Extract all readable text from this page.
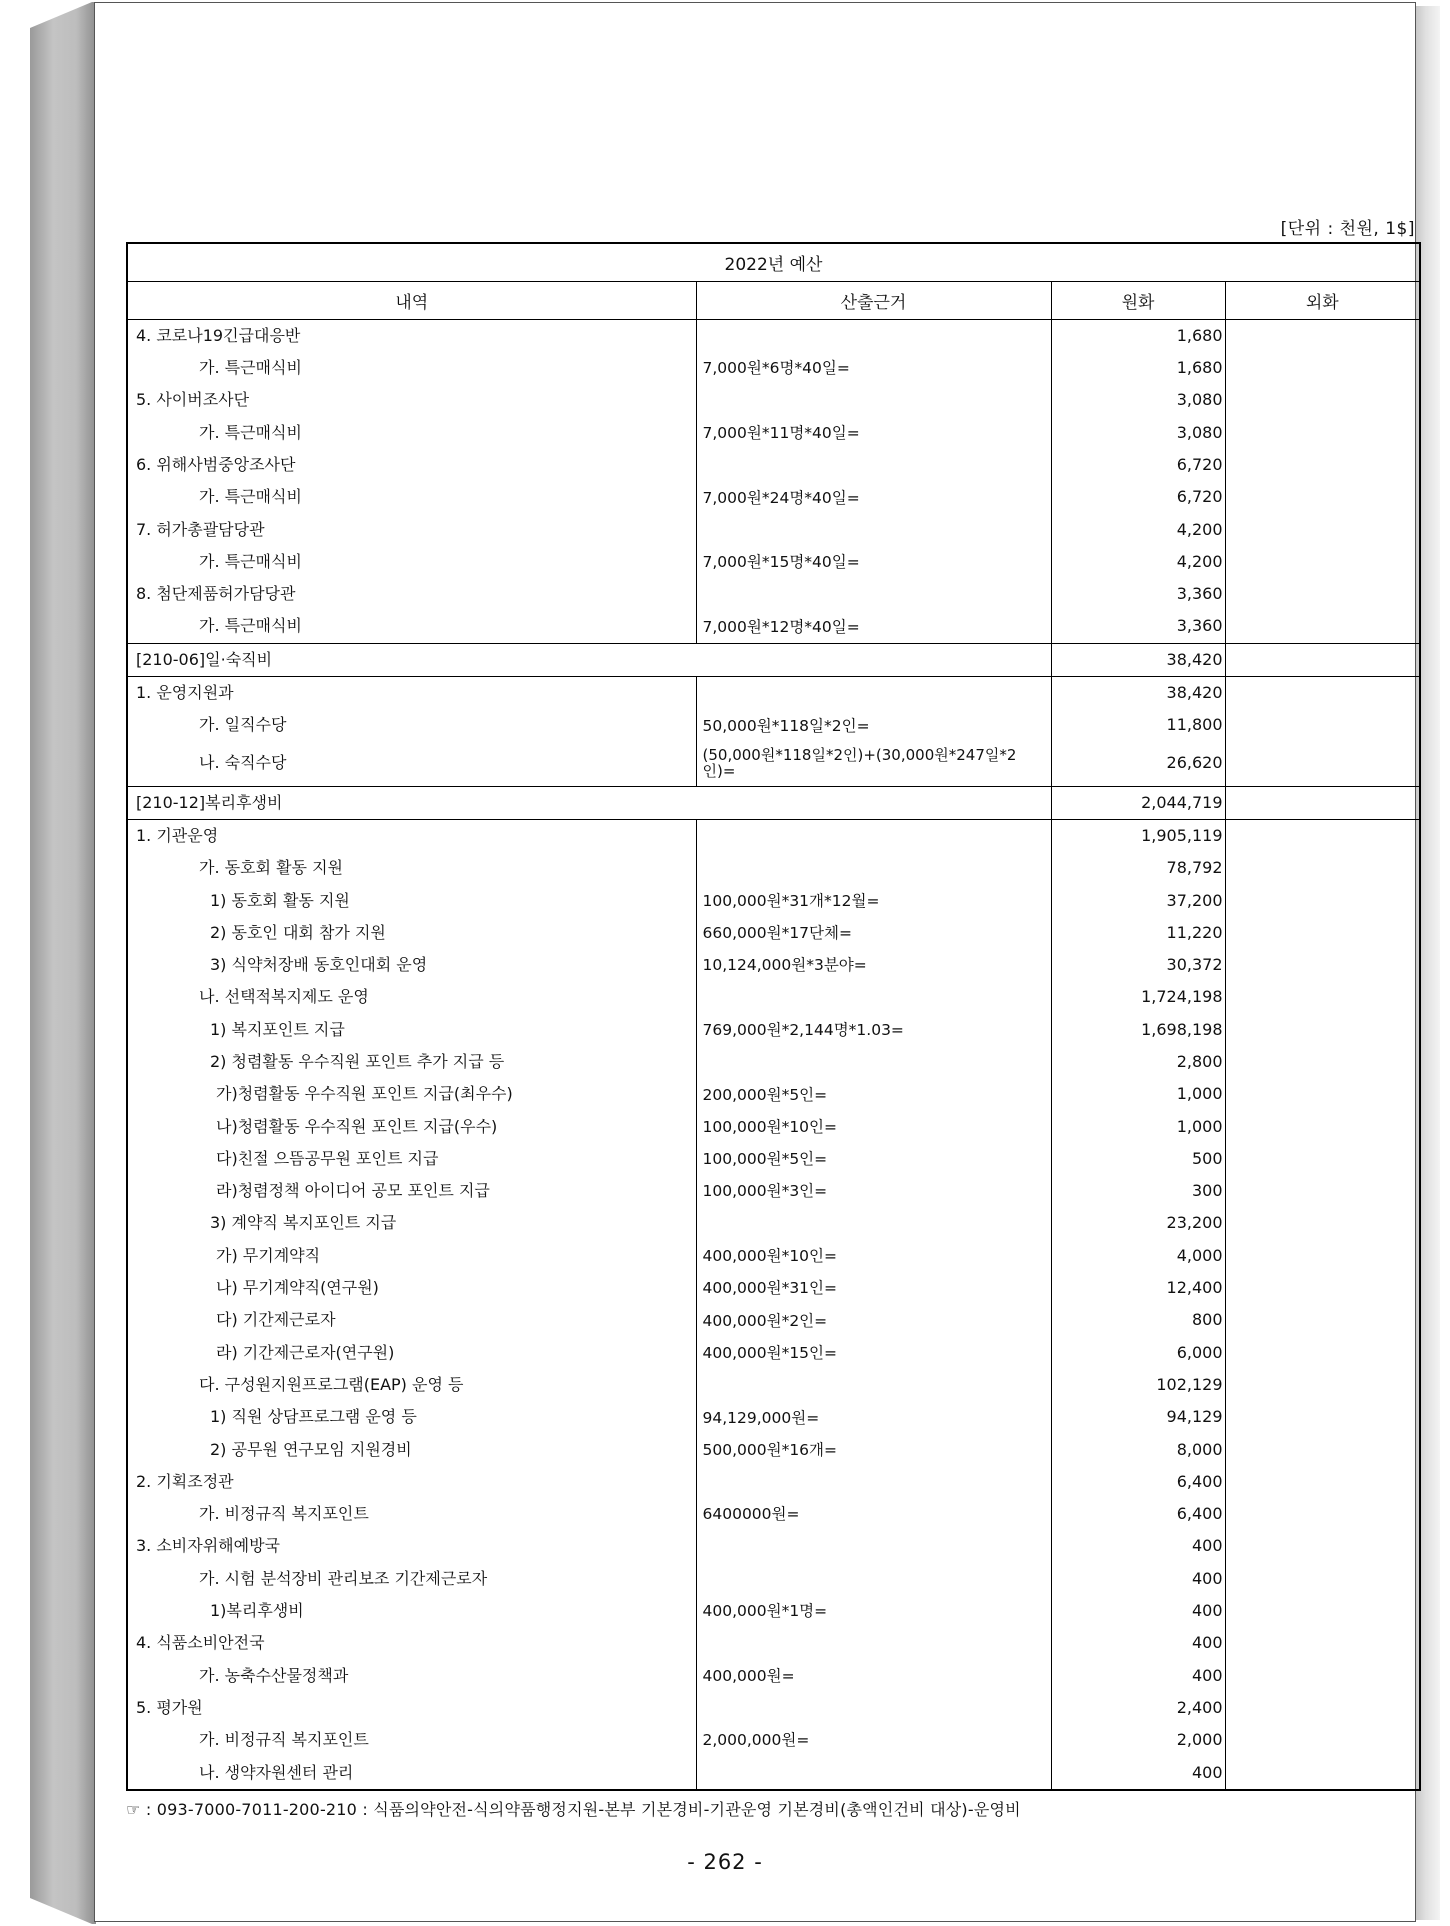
[단위 : 천원, 1$]
2022년 예산			
내역	산출근거	원화	외화
4. 코로나19긴급대응반		1,680	
가. 특근매식비	7,000원*6명*40일=	1,680	
5. 사이버조사단		3,080	
가. 특근매식비	7,000원*11명*40일=	3,080	
6. 위해사범중앙조사단		6,720	
가. 특근매식비	7,000원*24명*40일=	6,720	
7. 허가총괄담당관		4,200	
가. 특근매식비	7,000원*15명*40일=	4,200	
8. 첨단제품허가담당관		3,360	
가. 특근매식비	7,000원*12명*40일=	3,360	
[210-06]일·숙직비		38,420	
1. 운영지원과		38,420	
가. 일직수당	50,000원*118일*2인=	11,800	
나. 숙직수당	(50,000원*118일*2인)+(30,000원*247일*2인)=	26,620	
[210-12]복리후생비		2,044,719	
1. 기관운영		1,905,119	
가. 동호회 활동 지원		78,792	
1) 동호회 활동 지원	100,000원*31개*12월=	37,200	
2) 동호인 대회 참가 지원	660,000원*17단체=	11,220	
3) 식약처장배 동호인대회 운영	10,124,000원*3분야=	30,372	
나. 선택적복지제도 운영		1,724,198	
1) 복지포인트 지급	769,000원*2,144명*1.03=	1,698,198	
2) 청렴활동 우수직원 포인트 추가 지급 등		2,800	
가)청렴활동 우수직원 포인트 지급(최우수)	200,000원*5인=	1,000	
나)청렴활동 우수직원 포인트 지급(우수)	100,000원*10인=	1,000	
다)친절 으뜸공무원 포인트 지급	100,000원*5인=	500	
라)청렴정책 아이디어 공모 포인트 지급	100,000원*3인=	300	
3) 계약직 복지포인트 지급		23,200	
가) 무기계약직	400,000원*10인=	4,000	
나) 무기계약직(연구원)	400,000원*31인=	12,400	
다) 기간제근로자	400,000원*2인=	800	
라) 기간제근로자(연구원)	400,000원*15인=	6,000	
다. 구성원지원프로그램(EAP) 운영 등		102,129	
1) 직원 상담프로그램 운영 등	94,129,000원=	94,129	
2) 공무원 연구모임 지원경비	500,000원*16개=	8,000	
2. 기획조정관		6,400	
가. 비정규직 복지포인트	6400000원=	6,400	
3. 소비자위해예방국		400	
가. 시험 분석장비 관리보조 기간제근로자		400	
1)복리후생비	400,000원*1명=	400	
4. 식품소비안전국		400	
가. 농축수산물정책과	400,000원=	400	
5. 평가원		2,400	
가. 비정규직 복지포인트	2,000,000원=	2,000	
나. 생약자원센터 관리		400	
☞ : 093-7000-7011-200-210 : 식품의약안전-식의약품행정지원-본부 기본경비-기관운영 기본경비(총액인건비 대상)-운영비
- 262 -
